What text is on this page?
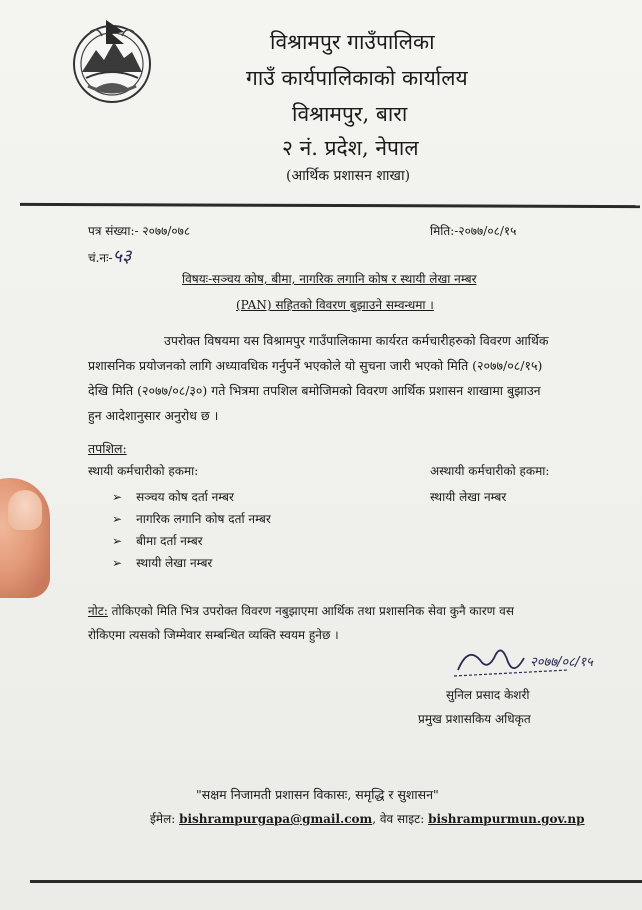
विश्रामपुर गाउँपालिका
गाउँ कार्यपालिकाको कार्यालय
विश्रामपुर, बारा
२ नं. प्रदेश, नेपाल
(आर्थिक प्रशासन शाखा)
पत्र संख्या:- २०७७/०७८	मिति:-२०७७/०८/१५
चं.नः-५३
विषयः-सञ्चय कोष, बीमा, नागरिक लगानि कोष र स्थायी लेखा नम्बर
(PAN) सहितको विवरण बुझाउने सम्वन्धमा ।
उपरोक्त विषयमा यस विश्रामपुर गाउँपालिकामा कार्यरत कर्मचारीहरुको विवरण आर्थिक
प्रशासनिक प्रयोजनको लागि अध्यावधिक गर्नुपर्ने भएकोले यो सुचना जारी भएको मिति (२०७७/०८/१५)
देखि मिति (२०७७/०८/३०) गते भित्रमा तपशिल बमोजिमको विवरण आर्थिक प्रशासन शाखामा बुझाउन
हुन आदेशानुसार अनुरोध छ ।
तपशिल:
स्थायी कर्मचारीको हकमा:	अस्थायी कर्मचारीको हकमा:
➢ सञ्चय कोष दर्ता नम्बर
➢ नागरिक लगानि कोष दर्ता नम्बर
➢ बीमा दर्ता नम्बर
➢ स्थायी लेखा नम्बर
स्थायी लेखा नम्बर
नोट: तोकिएको मिति भित्र उपरोक्त विवरण नबुझाएमा आर्थिक तथा प्रशासनिक सेवा कुनै कारण वस
रोकिएमा त्यसको जिम्मेवार सम्बन्धित व्यक्ति स्वयम हुनेछ ।
२०७७/०८/१५
सुनिल प्रसाद केशरी
प्रमुख प्रशासकिय अधिकृत
"सक्षम निजामती प्रशासन विकासः, समृद्धि र सुशासन"
ईमेल: bishrampurgapa@gmail.com, वेव साइट: bishrampurmun.gov.np
